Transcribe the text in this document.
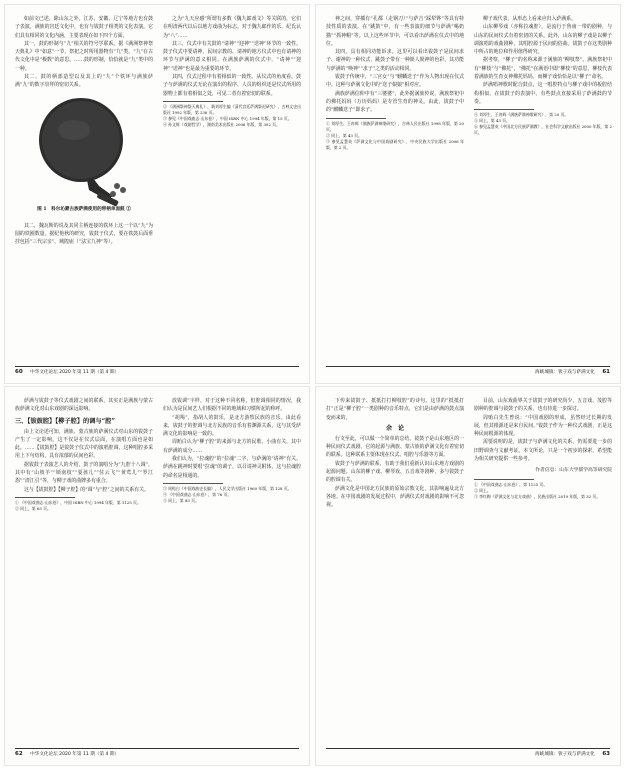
如前文已述，除山东之外，江苏、安徽、辽宁等地方也有鼓子表演，满族的宫廷文化中，也有与钹鼓子相类的文化表演。它们具有相同的文化内涵，主要表现在如下四个方面。

其一，鼓的形制与“九”相关的符号学联系。据《满洲祭神祭天典礼》中“如意”一节，祭祀之时所用器物有“九”类。“九”在古代文化中是“极数”的意思。……鼓的形制，恰恰就是“九”类中的一种。

其二，鼓的柄部造型以及其上的“九”个铁环与满族萨满“九”的数字崇拜的密切关系。

图 1　科尔沁蒙古族萨满使用的带柄单面鼓 ①

其二，魏瓦斯的说及其同主柄连接的铁环上这一个以“九”为圆的铁圈数量。据纪艳秋的研究，钹鼓子仪式，要在铁鼓后面垂挂包括“三代宗亲”、城隍庙（“法宝九神”等）。

之为“九天应感”所谓有多数《魏九郎戏文》等关联的，它们在明清两代以后以地方戏曲为标志。对于魏九郎作的乐、纪氏认为“八”……

其三，仪式中有关鼓的“请神”“迎神”“送神”环节的一致性。鼓子仪式中要请神，民间宗教的、请神的地方仪式中也有请神的环节与萨满的意义相同。在满族萨满的仪式中，“请神”“迎神”“送神”也是最为重要的环节。

其四，仪式过程中有着相似的一致性。从仪式的角度看，鼓子与萨满的仪式无论在演出的程序、人员的组织还是仪式所用的器物上都有着相似之处，可见二者有着密切的联系。

② 《满洲祭神祭天典礼》，载刘厚生编《清代宫廷萨满祭祀研究》，吉林文史出版社 1992 年版，第 236 页。

③ 参见《中国戏曲志·山东卷》，中国 ISBN 中心 1994 年版，第 15 页。

④ 孙文辉《戏剧哲学》，湖南美术出版社 2006 年版，第 302 页。

60 中华文化论坛 2020 年第 11 期（第 4 期）

神之间，穿插有“孔都（走钢刀）”与萨吉“踩犁铧”等具有特技性质的表演。在“跳鼓”中，有一些表演的细节与萨满“喝奶猫”“抓神帽”等。以上这些环节中，可以看出萨满在仪式中的地位。

其四，具有相同功能诉求。这里可以看出钹鼓子是民间求子、谢神的一种仪式，跳鼓子带有一种娱人娱神的色彩，其功能与萨满的“唤神”“求子”之类的活动相同。

钹鼓子传统中，“三宫女”与“麒麟送子”作为人物出现在仪式中。这种与萨满文化中的“送子娘娘”相对应。

满族萨满信仰中有“三婆婆”，此外据满族传说，满族祭祀中的佛托妈妈（万历妈妈）是专管生育的神灵。由此，钹鼓子中的“麒麟送子”即求子。

① 刘厚生、王冉辉《满族萨满神歌研究》，吉林人民出版社 1998 年版，第 20 页。

② 同上，第 43 页。

③ 参见孟慧英《萨满文化与中国戏剧研究》，中央民族大学出版社 2006 年版，第 2 页。

柳子戏代表，从形态上看来应归入萨满系。

山东柳琴戏（亦称拉魂腔），是流行于鲁南一带的剧种，与山东的民间仪式有着密切的关系。此外，山东的柳子戏是以柳子调演唱的戏曲剧种，其唱腔源于民间的俗曲。钹鼓子在这类剧种中所占的地位和作用值得研究。

据考察，“柳子”的名称来源于满族的“柳枝祭”。满族祭祀中有“柳枝”与“佛托”，“佛托”在满语中即“柳枝”的意思，柳枝代表着满族的生育女神佛托妈妈，而柳子戏恰恰是以“柳子”命名。

萨满唱神歌时配合鼓点，这一唱腔特点与柳子戏中的板腔结构相似。在钹鼓子的表演中，有些鼓点直接采用了萨满鼓的节奏。

④ 刘厚生、王冉辉《满族萨满神歌研究》，第 20 页。

⑤ 同上，第 43 页。

⑥ 参见孟慧英《中国北方民族萨满教》，社会科学文献出版社 2000 年版，第 2 页。

海峡城镇：钹子戏与萨满文化 61

萨满与钹鼓子等仪式戏剧之间的联系，其实正是满族与蒙古族萨满文化对山东戏剧的深远影响。

三、【钹鼓腔】【柳子腔】的调与“腔”

由上文论述可知，满族、蒙古族的萨满仪式对山东的钹鼓子产生了一定影响。这不仅是在仪式层面，在演唱方面也是如此。……【钹鼓腔】是钹鼓子仪式中的演唱腔调，这种唱腔多采用上下句结构，具有浓郁的民间色彩。

据钹鼓子表演艺人的介绍，鼓子的演唱分为“九腔十八调”，其中有“山坡羊”“锁南枝”“耍孩儿”“驻云飞”“黄莺儿”“罗江怨”“清江引”等，与柳子戏的曲牌多有重合。

这与【钹鼓腔】【柳子腔】的“调”与“腔”之间的关系有关。

① 《中国戏曲志·山东卷》，中国 ISBN 中心 1994 年版，第 1125 页。

② 同上，第 65 页。

放钹调”字样。对于这种不同名称，但腔调相同的情况，我们认为是民间艺人们根据不同的地域和习惯所起的称呼。

“胡羯”，指胡人的鼓乐，是北方游牧民族的音乐。由此看来，钹鼓子的腔调与北方民族的音乐有着渊源关系，这与其受萨满文化的影响是一致的。

周贻白认为“柳子腔”的来源与北方的民歌、小曲有关，其中有萨满的成分……

我们认为，“拉魂腔”的“拉魂”二字，与萨满的“请神”有关。萨满在跳神时要唱“拉魂”的调子，以召请神灵附体，这与拉魂腔的命名是相通的。

③ 周贻白《中国戏曲史长编》，人民文学出版社 1960 年版，第 128 页。

④ 《中国戏曲志·山东卷》，第 76 页。

⑤ 同上，第 85 页。

62 中华文化论坛 2020 年第 11 期（第 4 期）

下传来钹鼓子、抵抵打打柳枝腔”的诗句。这里的“抵抵打打”正是“柳子腔”一类剧种的音乐特点，它们是由萨满的鼓点演变而来的。

余　论

行文至此，可以做一个简单的总结。钹鼓子是山东地区的一种民间仪式戏剧，它的起源与满族、蒙古族的萨满文化有着密切的联系。这种联系主要体现在仪式、唱腔与乐器等方面。

钹鼓子与萨满的联系，有助于我们重新认识山东地方戏剧的起源问题。山东的柳子戏、柳琴戏、五音戏等剧种，多与钹鼓子的腔调有关。

萨满文化是中国北方民族的原始宗教文化，其影响遍及北方各地。在中国戏剧的发展过程中，萨满仪式对戏剧的影响不可忽视。

目前，山东戏曲界关于钹鼓子的研究尚少，五音戏、茂腔等剧种的腔调与钹鼓子的关系，也有待进一步探讨。

周贻白先生曾说：“中国戏剧的形成，虽然经过长期的发展，但其根源还是来自民间。”钹鼓子作为一种仪式戏剧，正是这种民间根源的体现。

需要说明的是，钹鼓子与萨满文化的关系，仍需要进一步的田野调查与文献考证。本文所论，只是一个初步的探索，希望能为相关研究提供一些参考。

作者信息：山东大学儒学高等研究院

① 《中国戏曲志·山东卷》，第 1125 页。

② 同上。

③ 李红梅《萨满文化与北方戏曲》，民族出版社 2019 年版，第 32 页。

海峡城镇：钹子戏与萨满文化 63
